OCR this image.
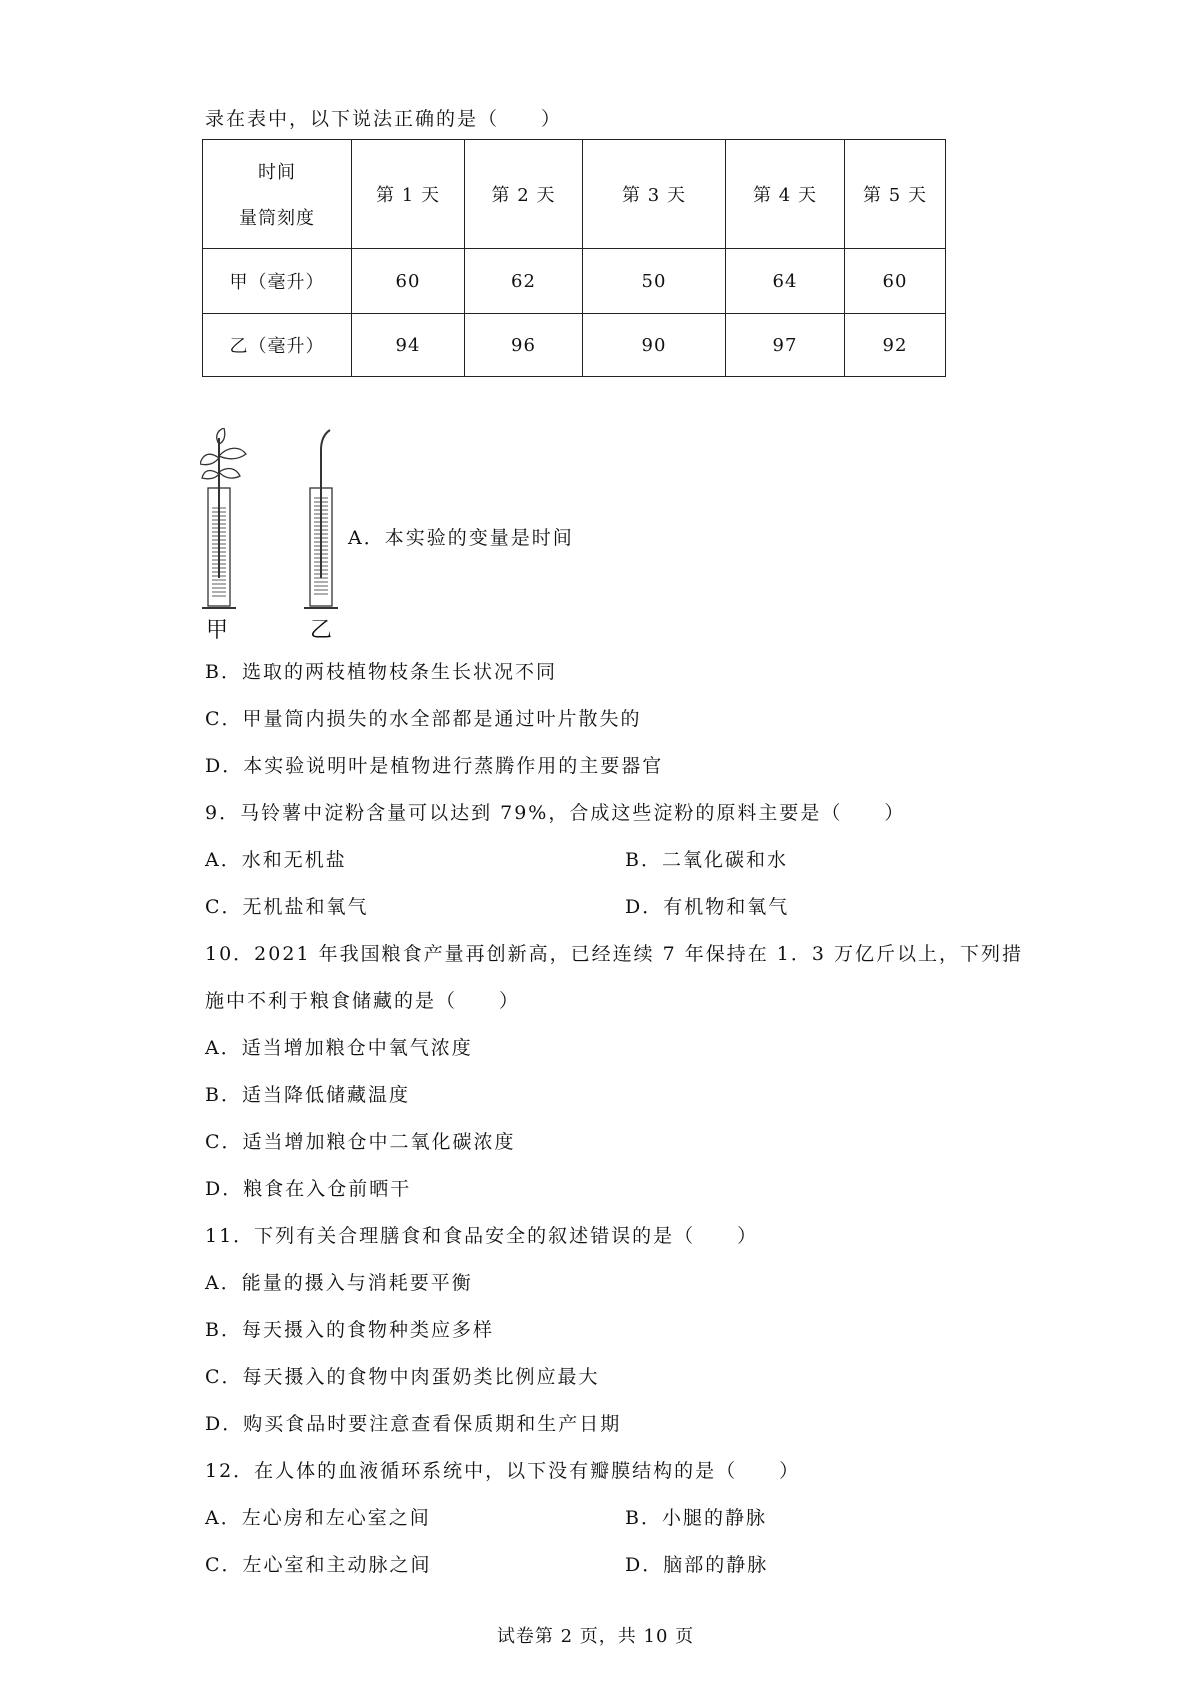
录在表中，以下说法正确的是（　　）
时间
量筒刻度	第 1 天	第 2 天	第 3 天	第 4 天	第 5 天
甲（毫升）	60	62	50	64	60
乙（毫升）	94	96	90	97	92
甲	乙
A．本实验的变量是时间
B．选取的两枝植物枝条生长状况不同
C．甲量筒内损失的水全部都是通过叶片散失的
D．本实验说明叶是植物进行蒸腾作用的主要器官
9．马铃薯中淀粉含量可以达到 79%，合成这些淀粉的原料主要是（　　）
A．水和无机盐	B．二氧化碳和水
C．无机盐和氧气	D．有机物和氧气
10．2021 年我国粮食产量再创新高，已经连续 7 年保持在 1．3 万亿斤以上，下列措
施中不利于粮食储藏的是（　　）
A．适当增加粮仓中氧气浓度
B．适当降低储藏温度
C．适当增加粮仓中二氧化碳浓度
D．粮食在入仓前晒干
11．下列有关合理膳食和食品安全的叙述错误的是（　　）
A．能量的摄入与消耗要平衡
B．每天摄入的食物种类应多样
C．每天摄入的食物中肉蛋奶类比例应最大
D．购买食品时要注意查看保质期和生产日期
12．在人体的血液循环系统中，以下没有瓣膜结构的是（　　）
A．左心房和左心室之间	B．小腿的静脉
C．左心室和主动脉之间	D．脑部的静脉
试卷第 2 页，共 10 页
